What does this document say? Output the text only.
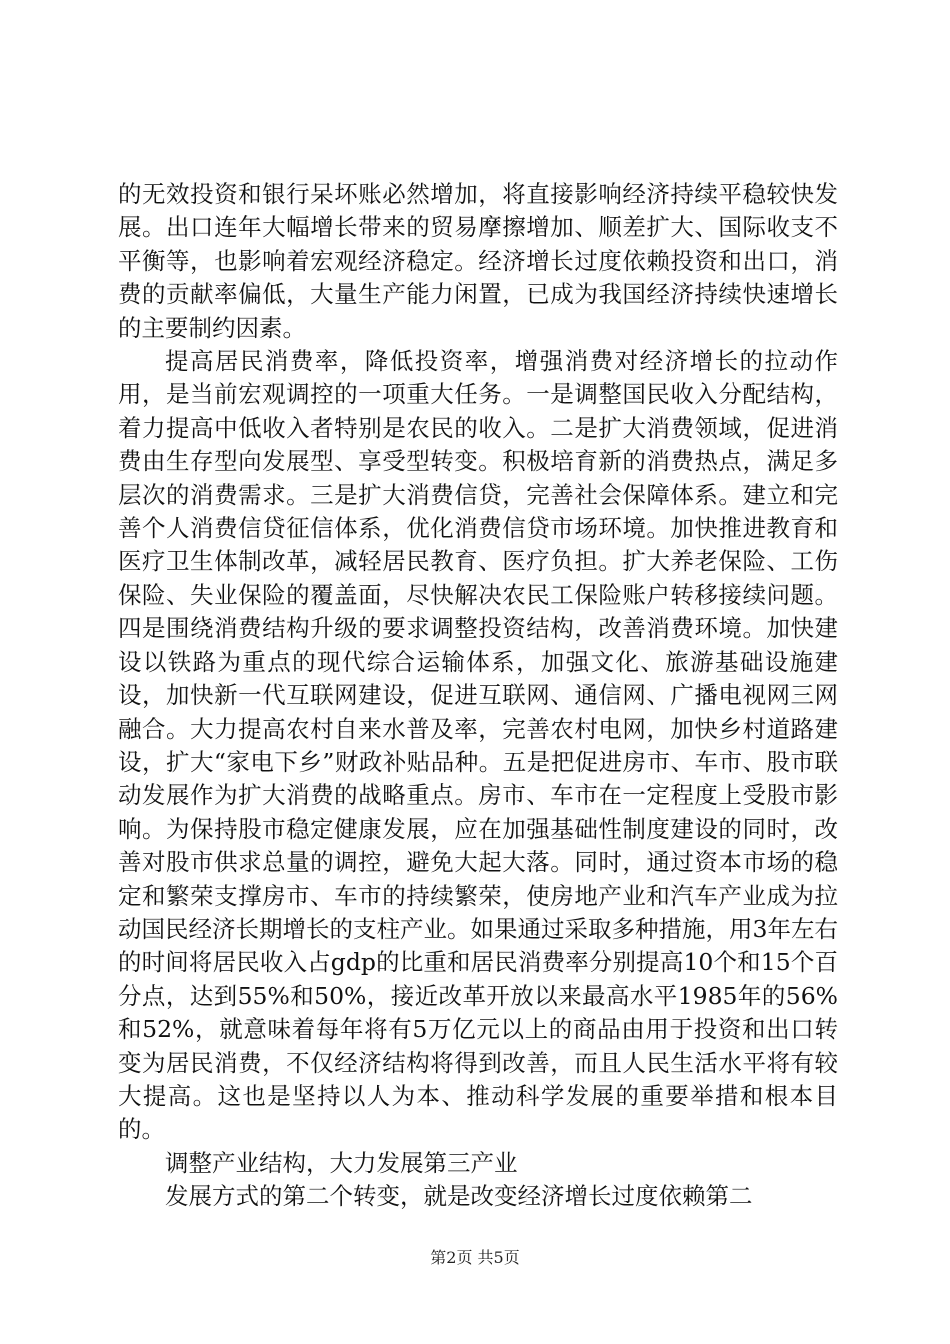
的无效投资和银行呆坏账必然增加，将直接影响经济持续平稳较快发展。出口连年大幅增长带来的贸易摩擦增加、顺差扩大、国际收支不平衡等，也影响着宏观经济稳定。经济增长过度依赖投资和出口，消费的贡献率偏低，大量生产能力闲置，已成为我国经济持续快速增长的主要制约因素。

提高居民消费率，降低投资率，增强消费对经济增长的拉动作用，是当前宏观调控的一项重大任务。一是调整国民收入分配结构，着力提高中低收入者特别是农民的收入。二是扩大消费领域，促进消费由生存型向发展型、享受型转变。积极培育新的消费热点，满足多层次的消费需求。三是扩大消费信贷，完善社会保障体系。建立和完善个人消费信贷征信体系，优化消费信贷市场环境。加快推进教育和医疗卫生体制改革，减轻居民教育、医疗负担。扩大养老保险、工伤保险、失业保险的覆盖面，尽快解决农民工保险账户转移接续问题。四是围绕消费结构升级的要求调整投资结构，改善消费环境。加快建设以铁路为重点的现代综合运输体系，加强文化、旅游基础设施建设，加快新一代互联网建设，促进互联网、通信网、广播电视网三网融合。大力提高农村自来水普及率，完善农村电网，加快乡村道路建设，扩大“家电下乡”财政补贴品种。五是把促进房市、车市、股市联动发展作为扩大消费的战略重点。房市、车市在一定程度上受股市影响。为保持股市稳定健康发展，应在加强基础性制度建设的同时，改善对股市供求总量的调控，避免大起大落。同时，通过资本市场的稳定和繁荣支撑房市、车市的持续繁荣，使房地产业和汽车产业成为拉动国民经济长期增长的支柱产业。如果通过采取多种措施，用3年左右的时间将居民收入占gdp的比重和居民消费率分别提高10个和15个百分点，达到55%和50%，接近改革开放以来最高水平1985年的56%和52%，就意味着每年将有5万亿元以上的商品由用于投资和出口转变为居民消费，不仅经济结构将得到改善，而且人民生活水平将有较大提高。这也是坚持以人为本、推动科学发展的重要举措和根本目的。

调整产业结构，大力发展第三产业

发展方式的第二个转变，就是改变经济增长过度依赖第二

第2页 共5页
